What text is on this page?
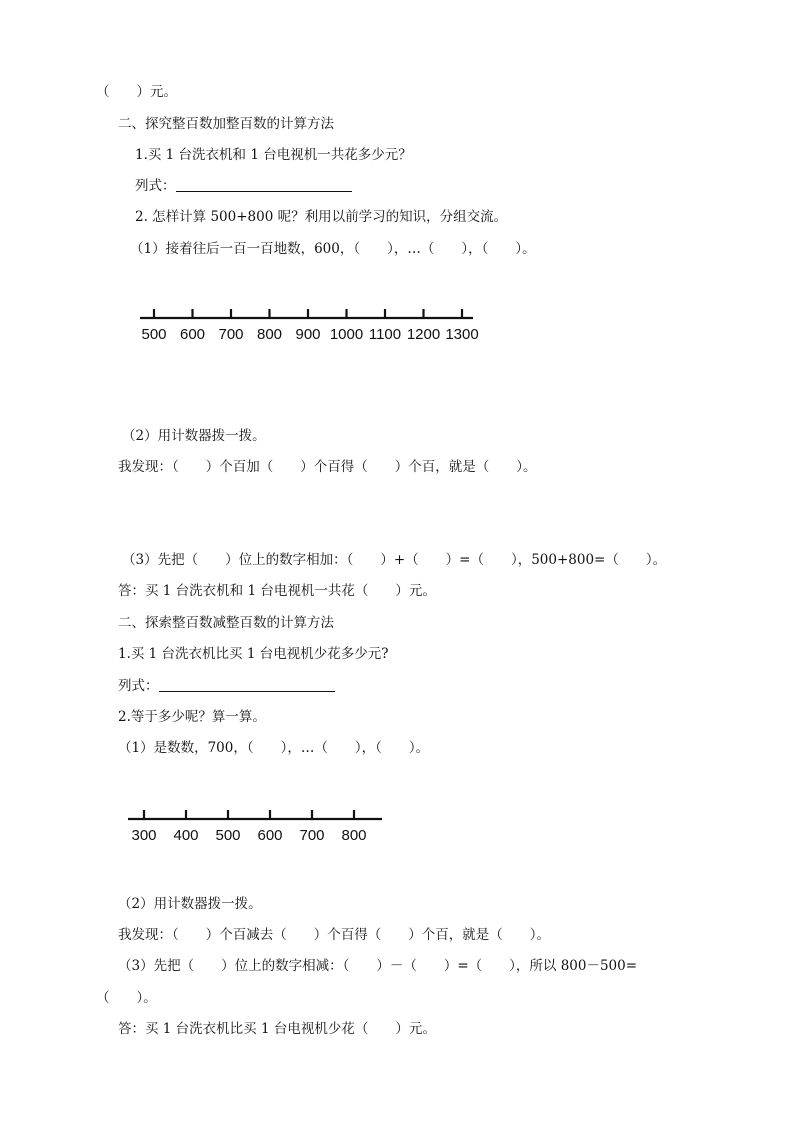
（　　）元。
二、探究整百数加整百数的计算方法
1.买 1 台洗衣机和 1 台电视机一共花多少元？
列式：
2. 怎样计算 500+800 呢？利用以前学习的知识，分组交流。
（1）接着往后一百一百地数，600，（　　），…（　　），（　　）。
500 600 700 800 900 1000 1100 1200 1300
（2）用计数器拨一拨。
我发现：（　　）个百加（　　）个百得（　　）个百，就是（　　）。
（3）先把（　　）位上的数字相加：（　　）+（　　）=（　　），500+800=（　　）。
答：买 1 台洗衣机和 1 台电视机一共花（　　）元。
二、探索整百数减整百数的计算方法
1.买 1 台洗衣机比买 1 台电视机少花多少元?
列式：
2.等于多少呢？算一算。
（1）是数数，700，（　　），…（　　），（　　）。
300 400 500 600 700 800
（2）用计数器拨一拨。
我发现：（　　）个百减去（　　）个百得（　　）个百，就是（　　）。
（3）先把（　　）位上的数字相减：（　　）－（　　）=（　　），所以 800－500=
（　　）。
答：买 1 台洗衣机比买 1 台电视机少花（　　）元。
